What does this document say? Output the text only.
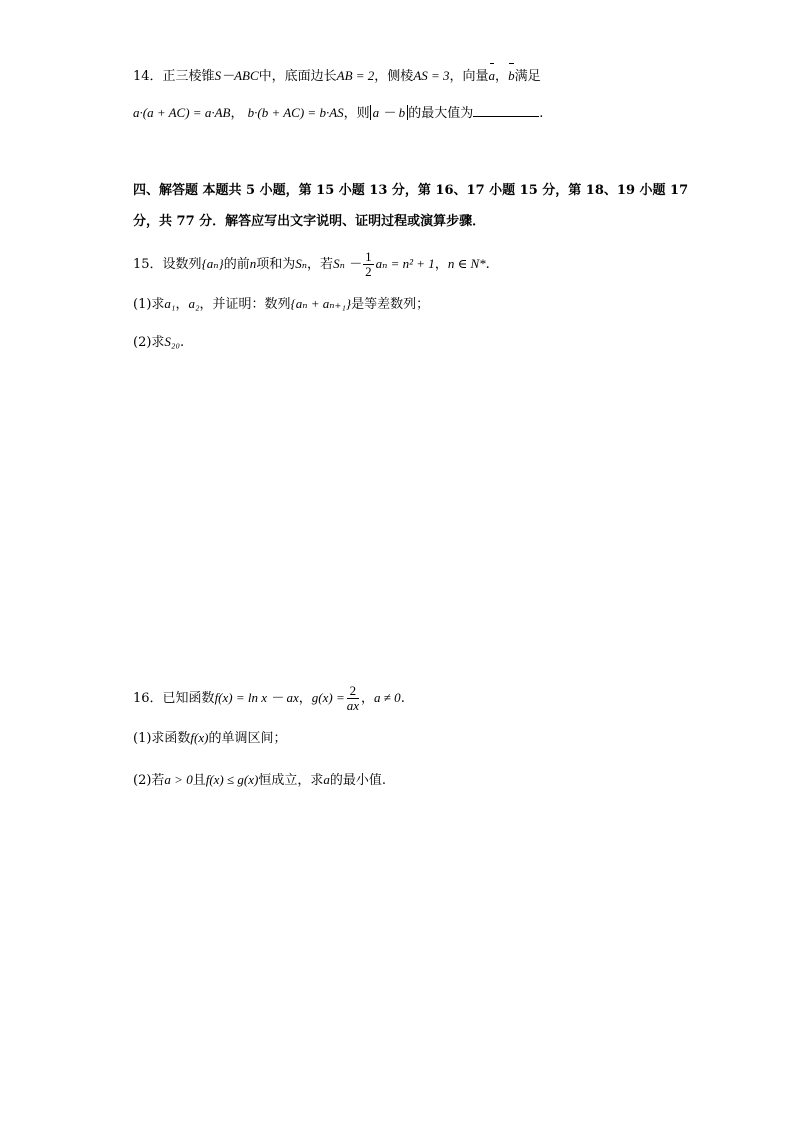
14．正三棱锥S－ABC中，底面边长AB = 2，侧棱AS = 3，向量a，b满足
a·(a + AC) = a·AB， b·(b + AC) = b·AS，则 a － b 的最大值为	.
四、解答题 本题共 5 小题，第 15 小题 13 分，第 16、17 小题 15 分，第 18、19 小题 17
分，共 77 分．解答应写出文字说明、证明过程或演算步骤．
15．设数列{aₙ}的前n项和为Sₙ，若$S_n - \frac{1}{2}$ aₙ = n² + 1，n ∈ N*.
(1)求a₁，a₂，并证明：数列{aₙ + aₙ₊₁}是等差数列；
(2)求S₂₀.
16．已知函数f(x) = ln x － ax，$g(x) = \frac{2}{ax}$ ，a ≠ 0.
(1)求函数f(x)的单调区间；
(2)若a > 0且f(x) ≤ g(x)恒成立，求a的最小值.
